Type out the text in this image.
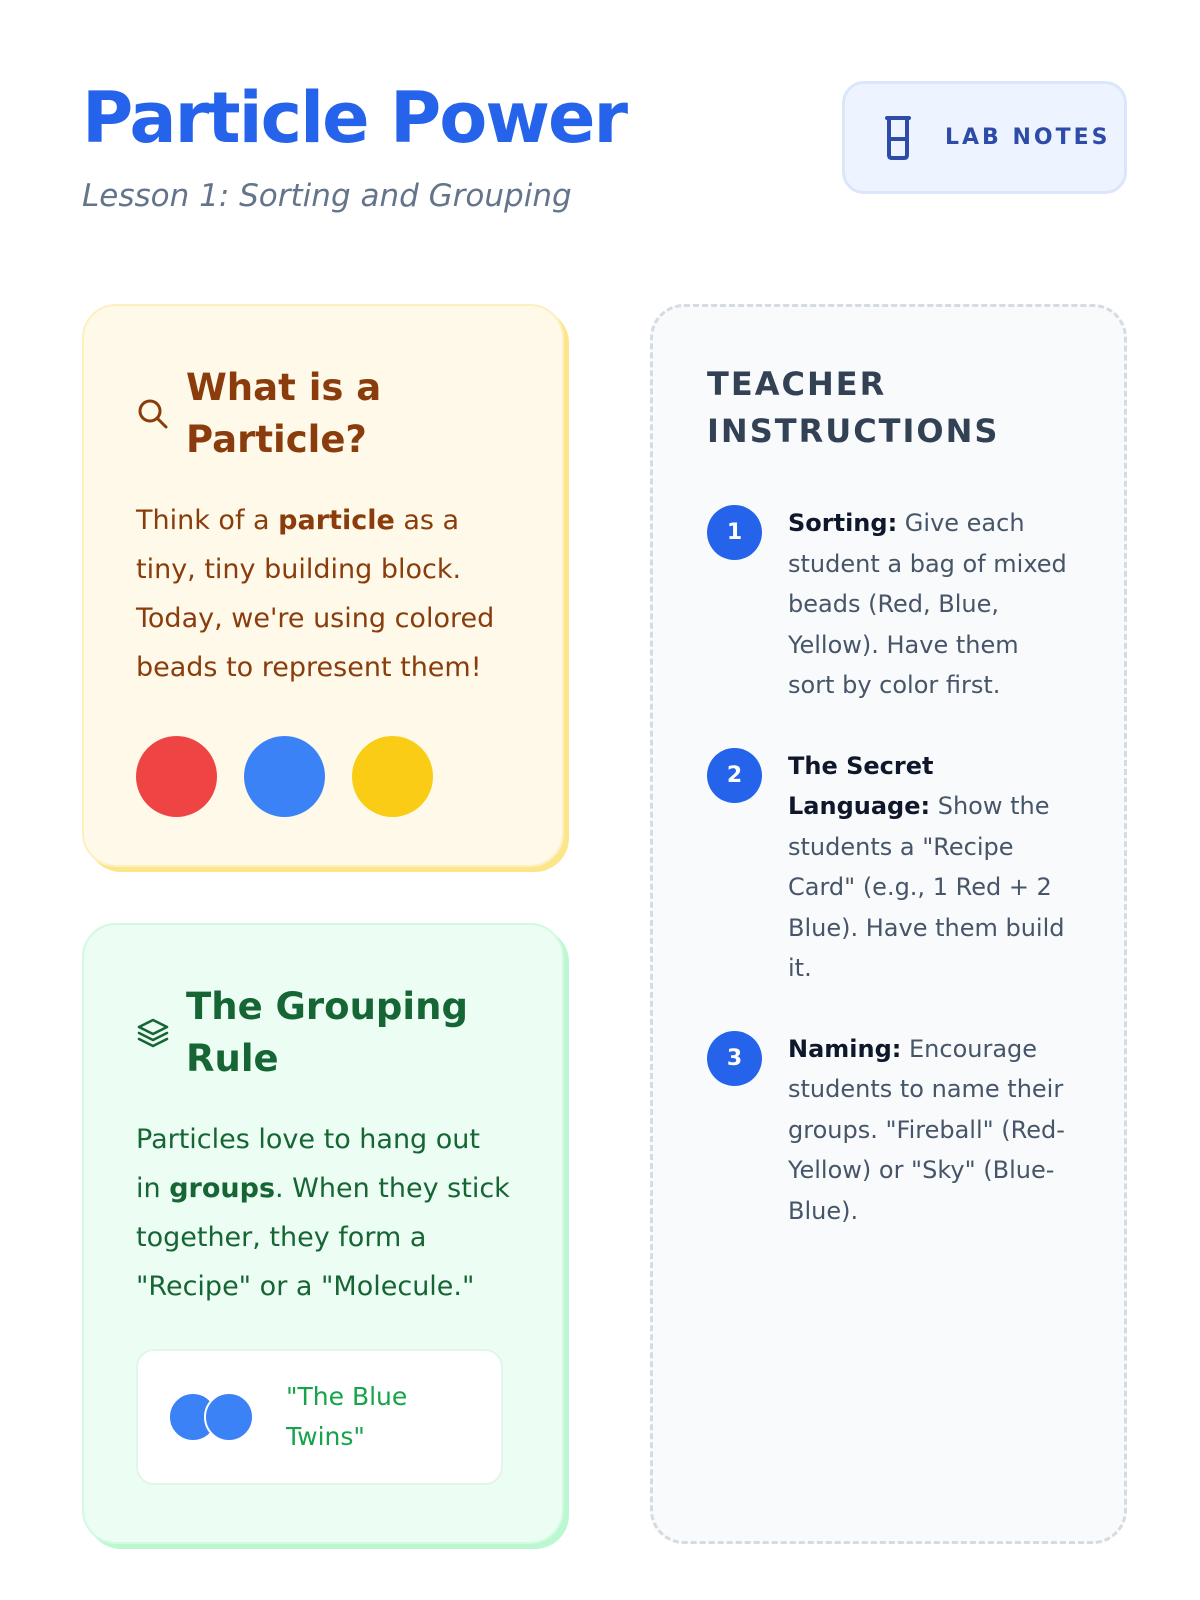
Particle Power
Lesson 1: Sorting and Grouping
LAB NOTES
What is a
Particle?

Think of a particle as a tiny, tiny building block. Today, we're using colored beads to represent them!

The Grouping
Rule

Particles love to hang out in groups. When they stick together, they form a "Recipe" or a "Molecule."

"The Blue Twins"
TEACHER
INSTRUCTIONS
1	Sorting: Give each student a bag of mixed beads (Red, Blue, Yellow). Have them sort by color first.

2	The Secret Language: Show the students a "Recipe Card" (e.g., 1 Red + 2 Blue). Have them build it.

3	Naming: Encourage students to name their groups. "Fireball" (Red-Yellow) or "Sky" (Blue-Blue).
